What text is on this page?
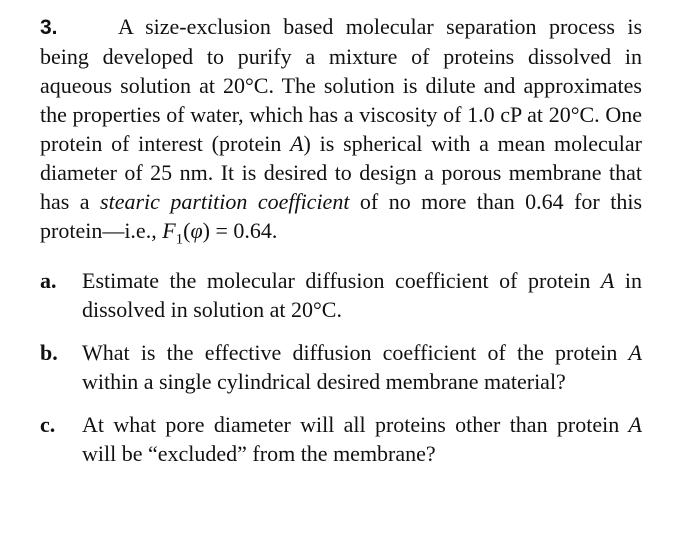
3.	A size-exclusion based molecular separation process is being developed to purify a mixture of proteins dissolved in aqueous solution at 20°C. The solution is dilute and approximates the properties of water, which has a viscosity of 1.0 cP at 20°C. One protein of interest (protein A) is spherical with a mean molecular diameter of 25 nm. It is desired to design a porous membrane that has a stearic partition coefficient of no more than 0.64 for this protein—i.e., $F_1(\varphi) = 0.64$.

a.	Estimate the molecular diffusion coefficient of protein A in dissolved in solution at 20°C.
b.	What is the effective diffusion coefficient of the protein A within a single cylindrical desired membrane material?
c.	At what pore diameter will all proteins other than protein A will be “excluded” from the membrane?
